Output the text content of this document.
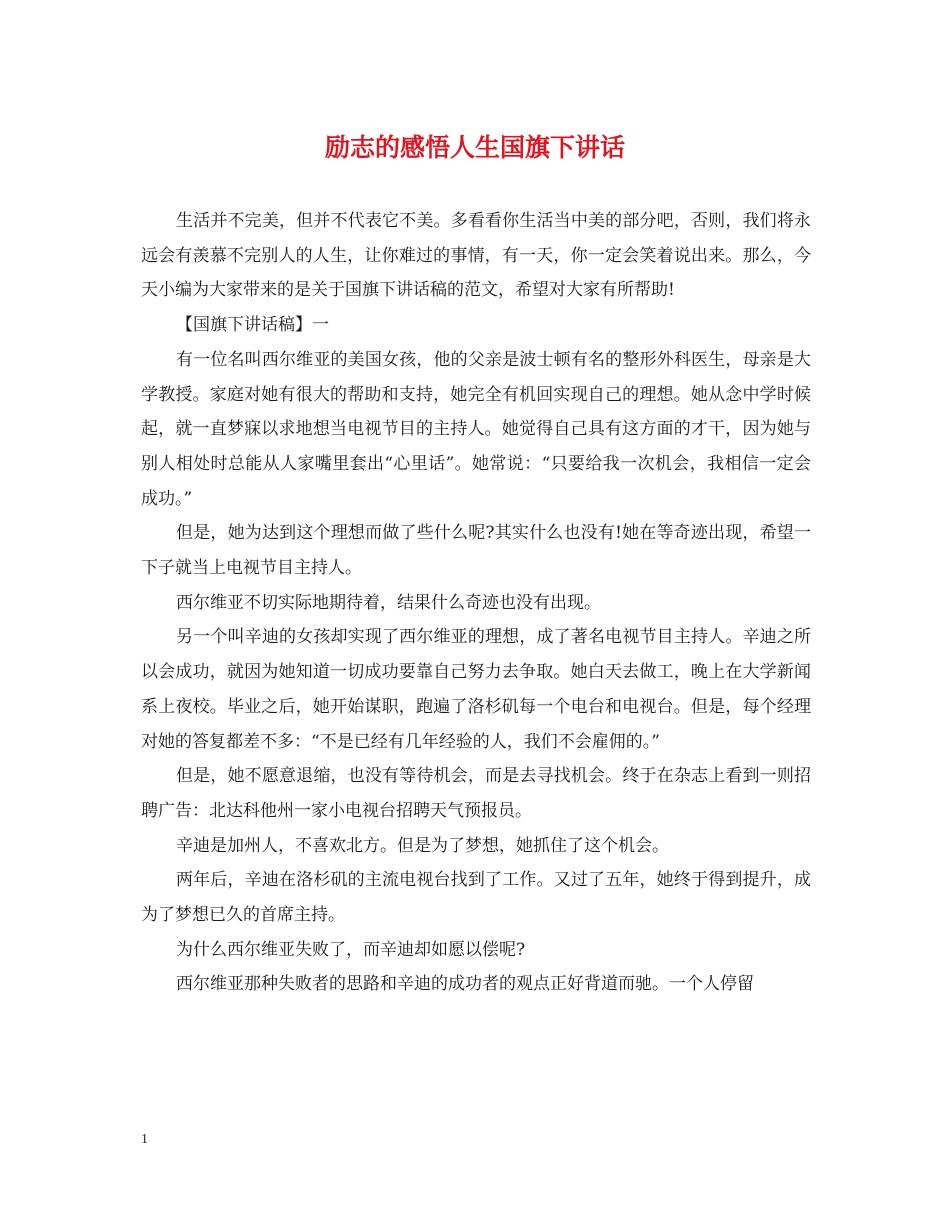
励志的感悟人生国旗下讲话

生活并不完美，但并不代表它不美。多看看你生活当中美的部分吧，否则，我们将永远会有羡慕不完别人的人生，让你难过的事情，有一天，你一定会笑着说出来。那么，今天小编为大家带来的是关于国旗下讲话稿的范文，希望对大家有所帮助!

【国旗下讲话稿】一

有一位名叫西尔维亚的美国女孩，他的父亲是波士顿有名的整形外科医生，母亲是大学教授。家庭对她有很大的帮助和支持，她完全有机回实现自己的理想。她从念中学时候起，就一直梦寐以求地想当电视节目的主持人。她觉得自己具有这方面的才干，因为她与别人相处时总能从人家嘴里套出“心里话”。她常说：“只要给我一次机会，我相信一定会成功。”

但是，她为达到这个理想而做了些什么呢?其实什么也没有!她在等奇迹出现，希望一下子就当上电视节目主持人。

西尔维亚不切实际地期待着，结果什么奇迹也没有出现。

另一个叫辛迪的女孩却实现了西尔维亚的理想，成了著名电视节目主持人。辛迪之所以会成功，就因为她知道一切成功要靠自己努力去争取。她白天去做工，晚上在大学新闻系上夜校。毕业之后，她开始谋职，跑遍了洛杉矶每一个电台和电视台。但是，每个经理对她的答复都差不多：“不是已经有几年经验的人，我们不会雇佣的。”

但是，她不愿意退缩，也没有等待机会，而是去寻找机会。终于在杂志上看到一则招聘广告：北达科他州一家小电视台招聘天气预报员。

辛迪是加州人，不喜欢北方。但是为了梦想，她抓住了这个机会。

两年后，辛迪在洛杉矶的主流电视台找到了工作。又过了五年，她终于得到提升，成为了梦想已久的首席主持。

为什么西尔维亚失败了，而辛迪却如愿以偿呢?

西尔维亚那种失败者的思路和辛迪的成功者的观点正好背道而驰。一个人停留

1
